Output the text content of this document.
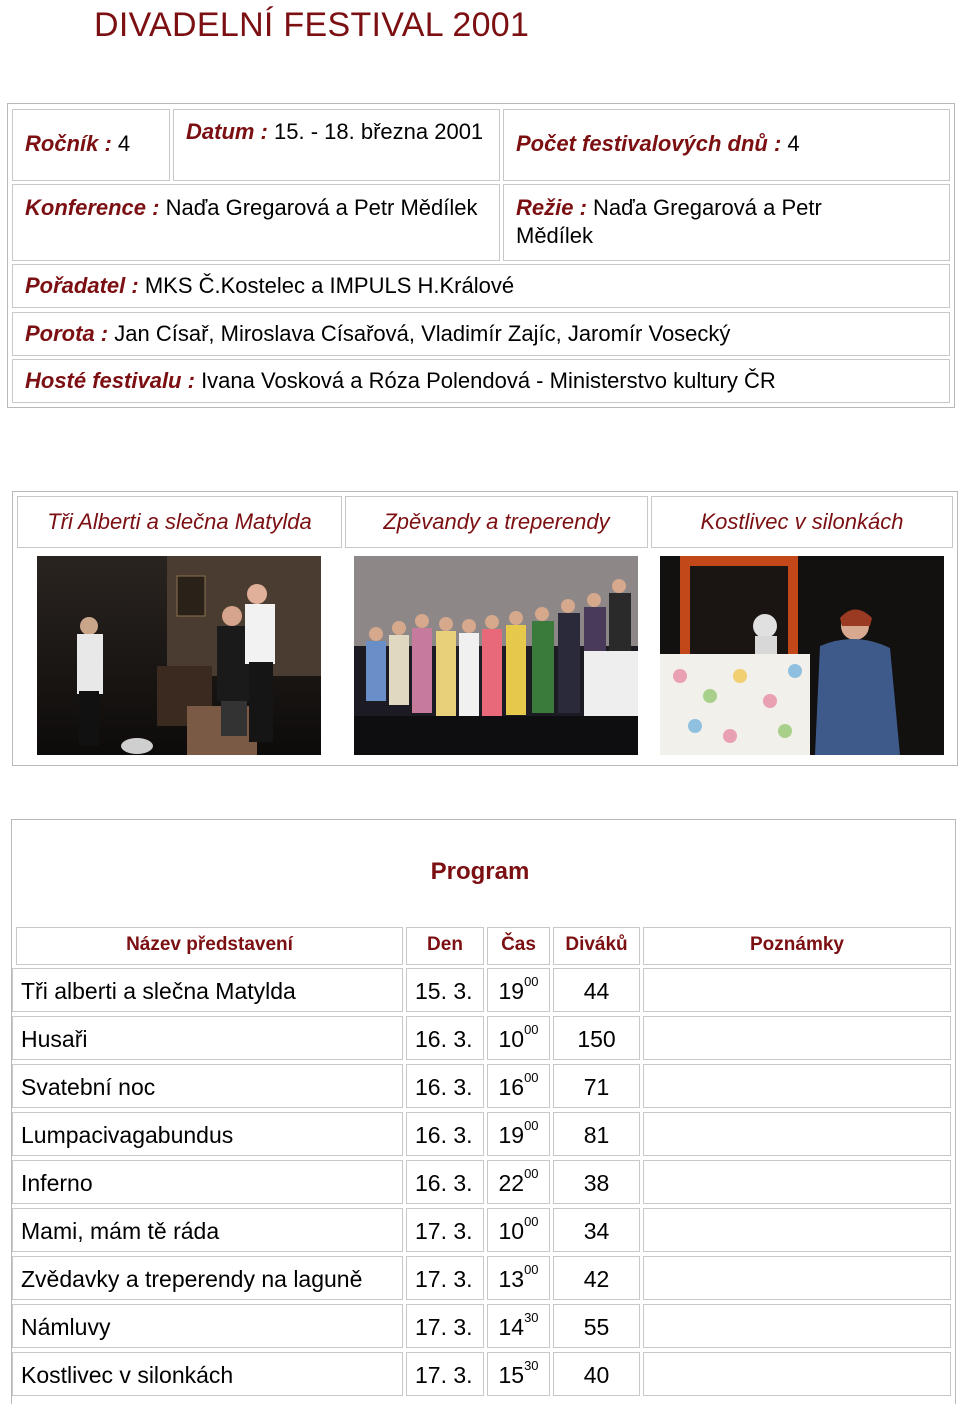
DIVADELNÍ FESTIVAL 2001
Ročník : 4	Datum : 15. - 18. března 2001	Počet festivalových dnů : 4
Konference : Naďa Gregarová a Petr Mědílek	Režie : Naďa Gregarová a Petr Mědílek
Pořadatel : MKS Č.Kostelec a IMPULS H.Králové
Porota : Jan Císař, Miroslava Císařová, Vladimír Zajíc, Jaromír Vosecký
Hosté festivalu : Ivana Vosková a Róza Polendová - Ministerstvo kultury ČR
Tři Alberti a slečna Matylda	Zpěvandy a treperendy	Kostlivec v silonkách
Program
Název představení	Den	Čas	Diváků	Poznámky
Tři alberti a slečna Matylda	15. 3.	$19^{00}$	44
Husaři	16. 3.	$10^{00}$	150
Svatební noc	16. 3.	$16^{00}$	71
Lumpacivagabundus	16. 3.	$19^{00}$	81
Inferno	16. 3.	$22^{00}$	38
Mami, mám tě ráda	17. 3.	$10^{00}$	34
Zvědavky a treperendy na laguně	17. 3.	$13^{00}$	42
Námluvy	17. 3.	$14^{30}$	55
Kostlivec v silonkách	17. 3.	$15^{30}$	40
